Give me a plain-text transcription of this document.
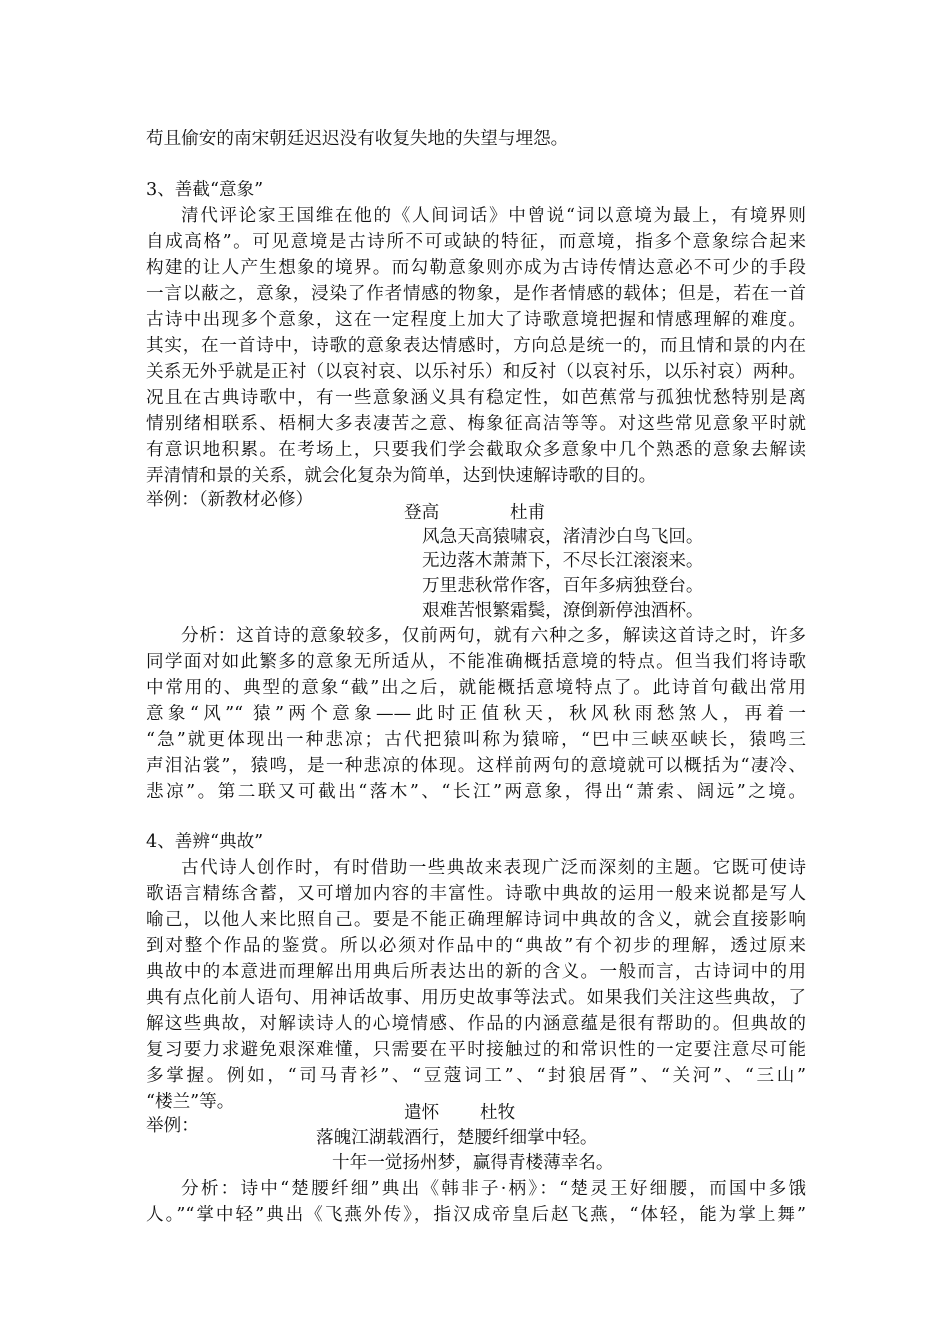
苟且偷安的南宋朝廷迟迟没有收复失地的失望与埋怨。
3、善截“意象”
清代评论家王国维在他的《人间词话》中曾说“词以意境为最上，有境界则
自成高格”。可见意境是古诗所不可或缺的特征，而意境，指多个意象综合起来
构建的让人产生想象的境界。而勾勒意象则亦成为古诗传情达意必不可少的手段
一言以蔽之，意象，浸染了作者情感的物象，是作者情感的载体；但是，若在一首
古诗中出现多个意象，这在一定程度上加大了诗歌意境把握和情感理解的难度。
其实，在一首诗中，诗歌的意象表达情感时，方向总是统一的，而且情和景的内在
关系无外乎就是正衬（以哀衬哀、以乐衬乐）和反衬（以哀衬乐，以乐衬哀）两种。
况且在古典诗歌中，有一些意象涵义具有稳定性，如芭蕉常与孤独忧愁特别是离
情别绪相联系、梧桐大多表凄苦之意、梅象征高洁等等。对这些常见意象平时就
有意识地积累。在考场上，只要我们学会截取众多意象中几个熟悉的意象去解读
弄清情和景的关系，就会化复杂为简单，达到快速解诗歌的目的。
举例：（新教材必修）
登高	杜甫
风急天高猿啸哀，渚清沙白鸟飞回。
无边落木萧萧下，不尽长江滚滚来。
万里悲秋常作客，百年多病独登台。
艰难苦恨繁霜鬓，潦倒新停浊酒杯。
分析：这首诗的意象较多，仅前两句，就有六种之多，解读这首诗之时，许多
同学面对如此繁多的意象无所适从，不能准确概括意境的特点。但当我们将诗歌
中常用的、典型的意象“截”出之后，就能概括意境特点了。此诗首句截出常用
意象“风”“ 猿”两个意象——此时正值秋天，秋风秋雨愁煞人，再着一
“急”就更体现出一种悲凉；古代把猿叫称为猿啼，“巴中三峡巫峡长，猿鸣三
声泪沾裳”，猿鸣，是一种悲凉的体现。这样前两句的意境就可以概括为“凄冷、
悲凉”。第二联又可截出“落木”、“长江”两意象，得出“萧索、阔远”之境。
4、善辨“典故”
古代诗人创作时，有时借助一些典故来表现广泛而深刻的主题。它既可使诗
歌语言精练含蓄，又可增加内容的丰富性。诗歌中典故的运用一般来说都是写人
喻己，以他人来比照自己。要是不能正确理解诗词中典故的含义，就会直接影响
到对整个作品的鉴赏。所以必须对作品中的“典故”有个初步的理解，透过原来
典故中的本意进而理解出用典后所表达出的新的含义。一般而言，古诗词中的用
典有点化前人语句、用神话故事、用历史故事等法式。如果我们关注这些典故，了
解这些典故，对解读诗人的心境情感、作品的内涵意蕴是很有帮助的。但典故的
复习要力求避免艰深难懂，只需要在平时接触过的和常识性的一定要注意尽可能
多掌握。例如，“司马青衫”、“豆蔻词工”、“封狼居胥”、“关河”、“三山”
“楼兰”等。
举例：
遣怀 杜牧
落魄江湖载酒行，楚腰纤细掌中轻。
十年一觉扬州梦，赢得青楼薄幸名。
分析：诗中“楚腰纤细”典出《韩非子·柄》：“楚灵王好细腰，而国中多饿
人。”“掌中轻”典出《飞燕外传》，指汉成帝皇后赵飞燕，“体轻，能为掌上舞”
